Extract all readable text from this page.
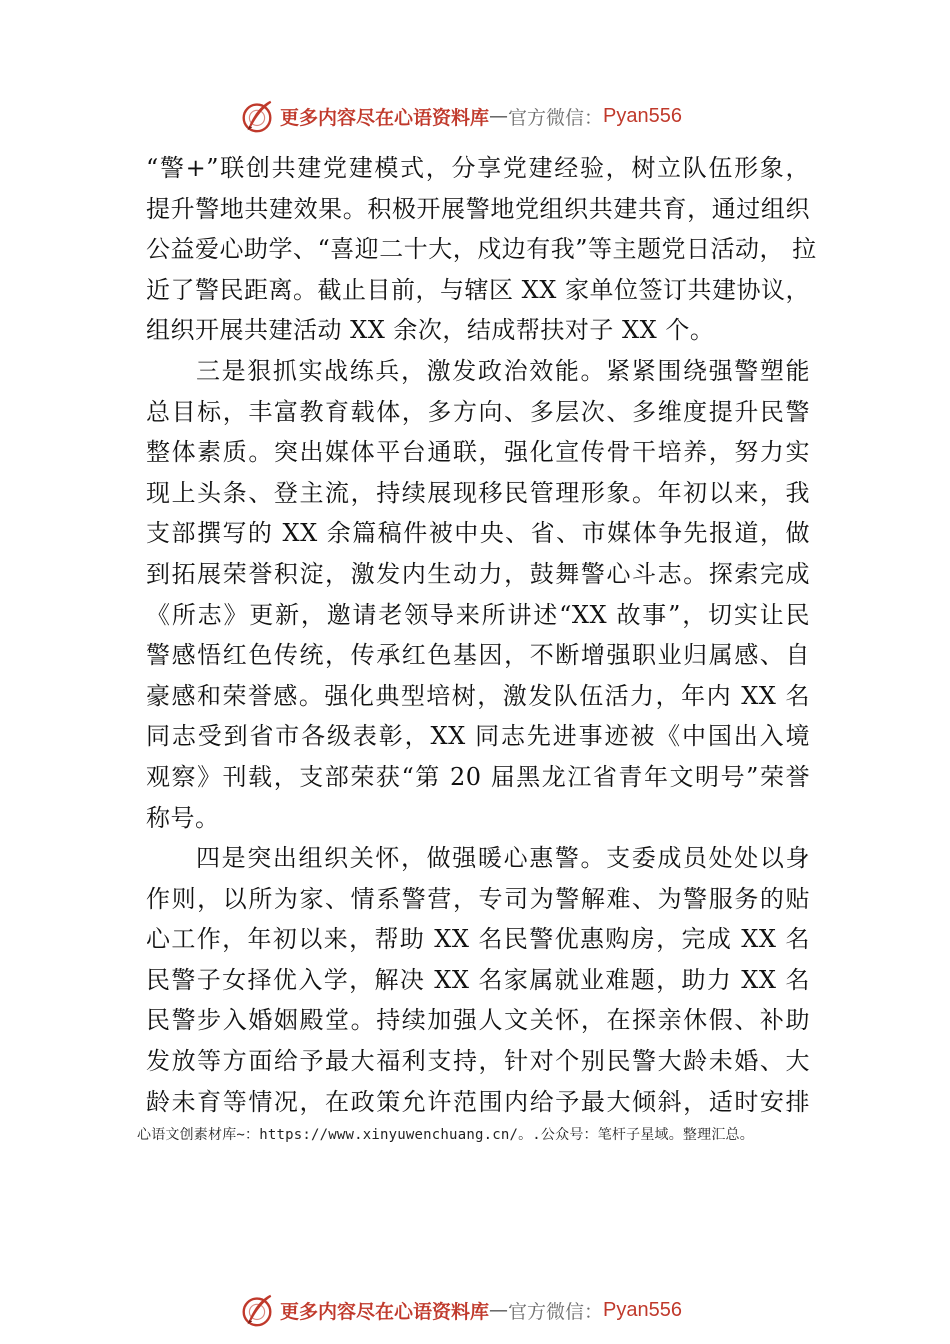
更多内容尽在心语资料库 — 官方微信： Pyan556
“警+”联创共建党建模式，分享党建经验，树立队伍形象，
提升警地共建效果。积极开展警地党组织共建共育，通过组织
公益爱心助学、“喜迎二十大，戍边有我”等主题党日活动， 拉
近了警民距离。截止目前，与辖区 XX 家单位签订共建协议，
组织开展共建活动 XX 余次，结成帮扶对子 XX 个。
三是狠抓实战练兵，激发政治效能。紧紧围绕强警塑能
总目标，丰富教育载体，多方向、多层次、多维度提升民警
整体素质。突出媒体平台通联，强化宣传骨干培养，努力实
现上头条、登主流，持续展现移民管理形象。年初以来，我
支部撰写的 XX 余篇稿件被中央、省、市媒体争先报道，做
到拓展荣誉积淀，激发内生动力，鼓舞警心斗志。探索完成
《所志》更新，邀请老领导来所讲述“XX 故事”，切实让民
警感悟红色传统，传承红色基因，不断增强职业归属感、自
豪感和荣誉感。强化典型培树，激发队伍活力，年内 XX 名
同志受到省市各级表彰，XX 同志先进事迹被《中国出入境
观察》刊载，支部荣获“第 20 届黑龙江省青年文明号”荣誉
称号。
四是突出组织关怀，做强暖心惠警。支委成员处处以身
作则，以所为家、情系警营，专司为警解难、为警服务的贴
心工作，年初以来，帮助 XX 名民警优惠购房，完成 XX 名
民警子女择优入学，解决 XX 名家属就业难题，助力 XX 名
民警步入婚姻殿堂。持续加强人文关怀，在探亲休假、补助
发放等方面给予最大福利支持，针对个别民警大龄未婚、大
龄未育等情况，在政策允许范围内给予最大倾斜，适时安排
心语文创素材库~：https://www.xinyuwenchuang.cn/。.公众号：笔杆子星域。整理汇总。
更多内容尽在心语资料库 — 官方微信： Pyan556
